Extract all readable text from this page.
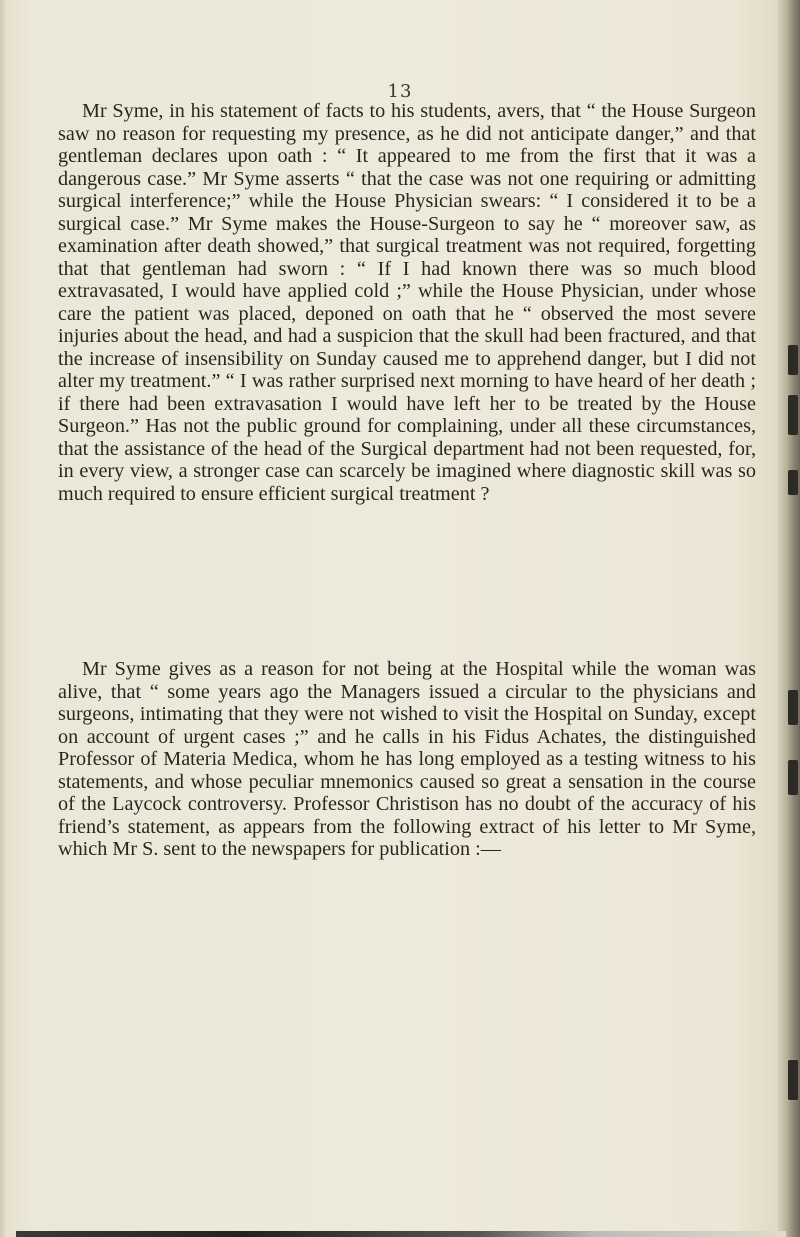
13

Mr Syme, in his statement of facts to his students, avers, that “ the House Surgeon saw no reason for requesting my presence, as he did not anticipate danger,” and that gentleman declares upon oath : “ It appeared to me from the first that it was a dangerous case.” Mr Syme asserts “ that the case was not one requiring or admitting surgical interference;” while the House Physician swears: “ I considered it to be a surgical case.” Mr Syme makes the House-Surgeon to say he “ moreover saw, as examination after death showed,” that surgical treatment was not required, forgetting that that gentleman had sworn : “ If I had known there was so much blood extravasated, I would have applied cold ;” while the House Physician, under whose care the patient was placed, deponed on oath that he “ observed the most severe injuries about the head, and had a suspicion that the skull had been fractured, and that the increase of insensibility on Sunday caused me to apprehend danger, but I did not alter my treatment.” “ I was rather surprised next morning to have heard of her death ; if there had been extravasation I would have left her to be treated by the House Surgeon.” Has not the public ground for complaining, under all these circumstances, that the assistance of the head of the Surgical department had not been requested, for, in every view, a stronger case can scarcely be imagined where diagnostic skill was so much required to ensure efficient surgical treatment ?

Mr Syme gives as a reason for not being at the Hospital while the woman was alive, that “ some years ago the Managers issued a circular to the physicians and surgeons, intimating that they were not wished to visit the Hospital on Sunday, except on account of urgent cases ;” and he calls in his Fidus Achates, the distinguished Professor of Materia Medica, whom he has long employed as a testing witness to his statements, and whose peculiar mnemonics caused so great a sensation in the course of the Laycock controversy. Professor Christison has no doubt of the accuracy of his friend’s statement, as appears from the following extract of his letter to Mr Syme, which Mr S. sent to the newspapers for publication :—
